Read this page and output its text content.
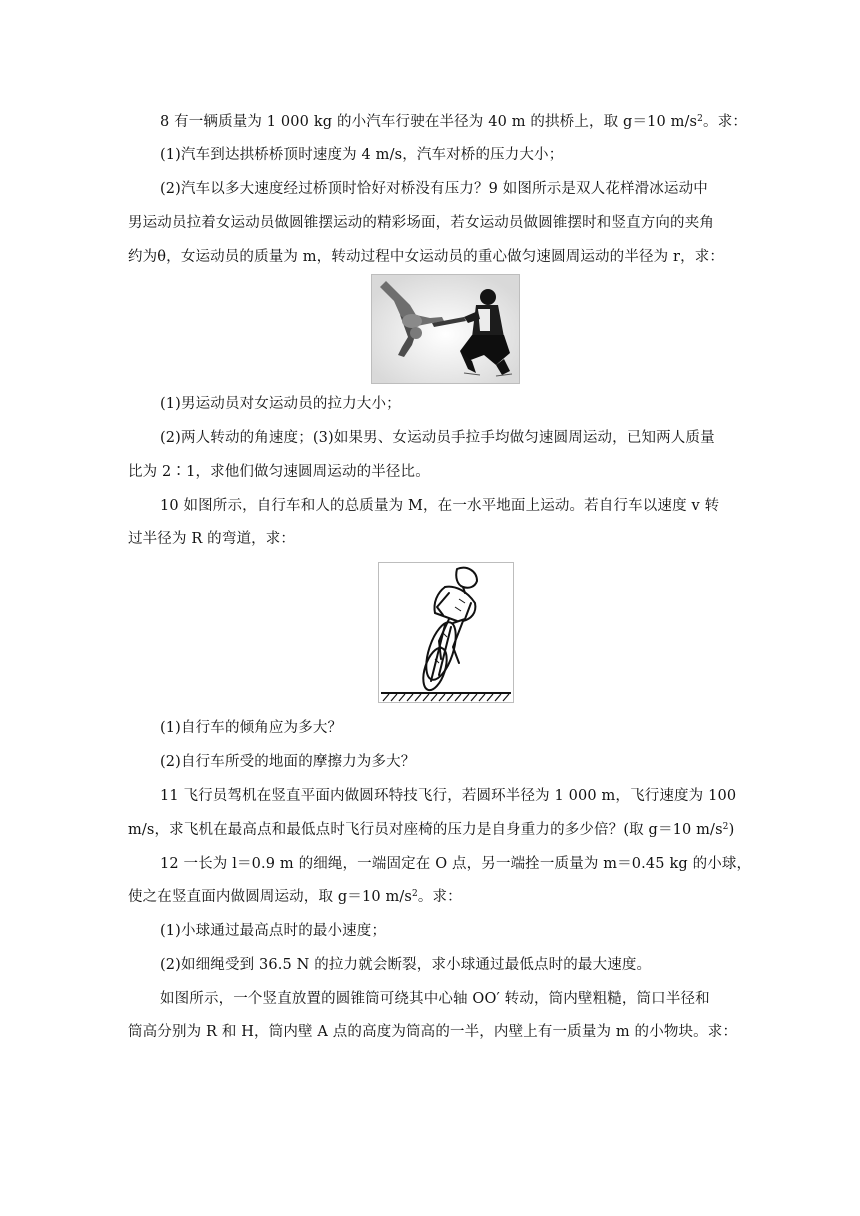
8 有一辆质量为 1 000 kg 的小汽车行驶在半径为 40 m 的拱桥上，取 g＝10 $m/s^2$。求：
(1)汽车到达拱桥桥顶时速度为 4 m/s，汽车对桥的压力大小；
(2)汽车以多大速度经过桥顶时恰好对桥没有压力？9 如图所示是双人花样滑冰运动中
男运动员拉着女运动员做圆锥摆运动的精彩场面，若女运动员做圆锥摆时和竖直方向的夹角
约为θ，女运动员的质量为 m，转动过程中女运动员的重心做匀速圆周运动的半径为 r，求：
(1)男运动员对女运动员的拉力大小；
(2)两人转动的角速度；(3)如果男、女运动员手拉手均做匀速圆周运动，已知两人质量
比为 2∶1，求他们做匀速圆周运动的半径比。
10 如图所示，自行车和人的总质量为 M，在一水平地面上运动。若自行车以速度 v 转
过半径为 R 的弯道，求：
(1)自行车的倾角应为多大？
(2)自行车所受的地面的摩擦力为多大？
11 飞行员驾机在竖直平面内做圆环特技飞行，若圆环半径为 1 000 m，飞行速度为 100
m/s，求飞机在最高点和最低点时飞行员对座椅的压力是自身重力的多少倍？(取 g＝10 $m/s^2$)
12 一长为 l＝0.9 m 的细绳，一端固定在 O 点，另一端拴一质量为 m＝0.45 kg 的小球，
使之在竖直面内做圆周运动，取 g＝10 $m/s^2$。求：
(1)小球通过最高点时的最小速度；
(2)如细绳受到 36.5 N 的拉力就会断裂，求小球通过最低点时的最大速度。
如图所示，一个竖直放置的圆锥筒可绕其中心轴 OO′ 转动，筒内壁粗糙，筒口半径和
筒高分别为 R 和 H，筒内壁 A 点的高度为筒高的一半，内壁上有一质量为 m 的小物块。求：
